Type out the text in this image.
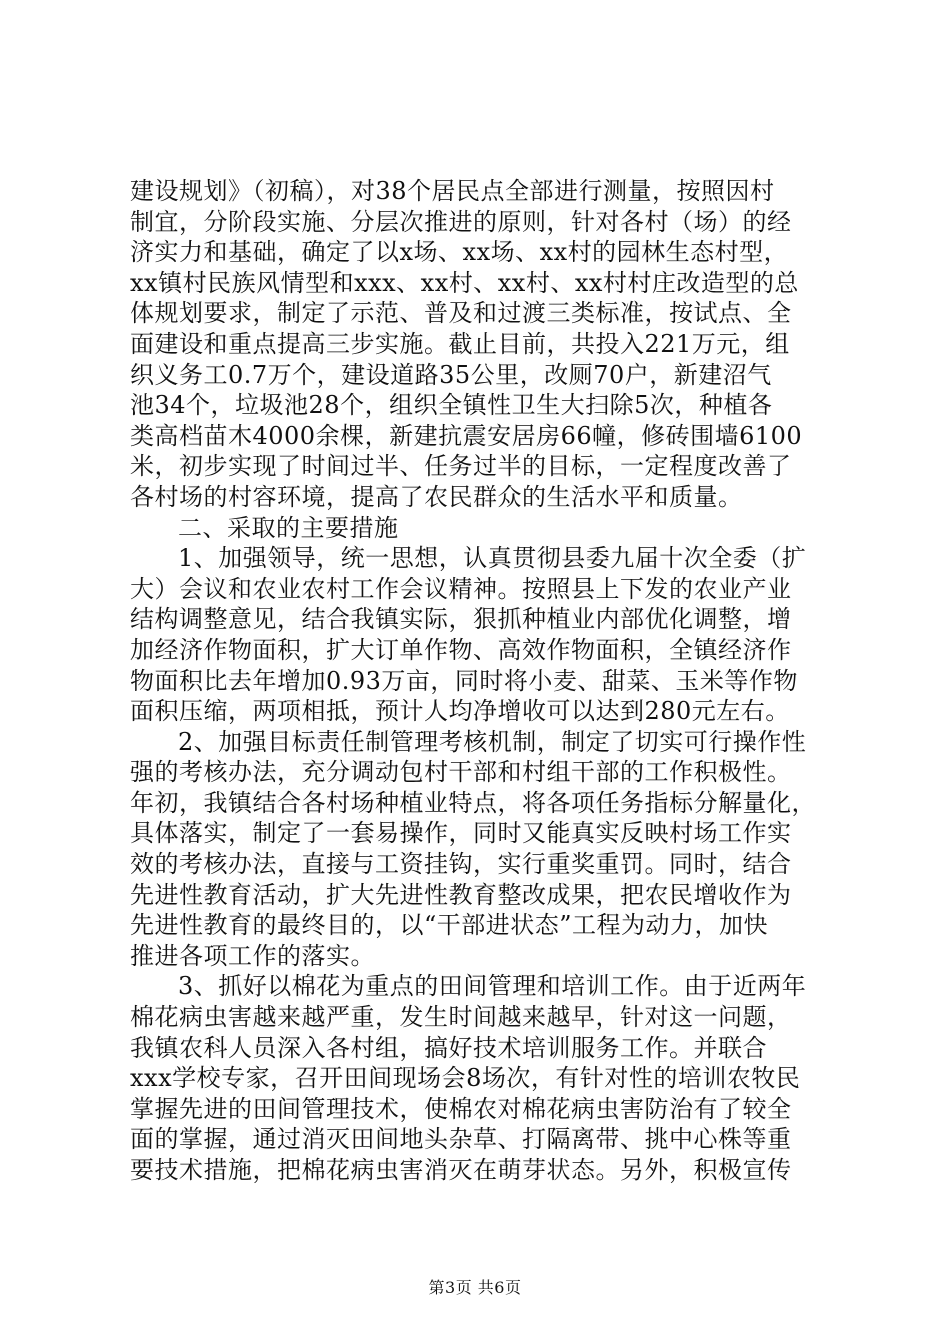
建设规划》（初稿），对38个居民点全部进行测量，按照因村
制宜，分阶段实施、分层次推进的原则，针对各村（场）的经
济实力和基础，确定了以x场、xx场、xx村的园林生态村型，
xx镇村民族风情型和xxx、xx村、xx村、xx村村庄改造型的总
体规划要求，制定了示范、普及和过渡三类标准，按试点、全
面建设和重点提高三步实施。截止目前，共投入221万元，组
织义务工0.7万个，建设道路35公里，改厕70户，新建沼气
池34个，垃圾池28个，组织全镇性卫生大扫除5次，种植各
类高档苗木4000余棵，新建抗震安居房66幢，修砖围墙6100
米，初步实现了时间过半、任务过半的目标，一定程度改善了
各村场的村容环境，提高了农民群众的生活水平和质量。
二、采取的主要措施
1、加强领导，统一思想，认真贯彻县委九届十次全委（扩
大）会议和农业农村工作会议精神。按照县上下发的农业产业
结构调整意见，结合我镇实际，狠抓种植业内部优化调整，增
加经济作物面积，扩大订单作物、高效作物面积，全镇经济作
物面积比去年增加0.93万亩，同时将小麦、甜菜、玉米等作物
面积压缩，两项相抵，预计人均净增收可以达到280元左右。
2、加强目标责任制管理考核机制，制定了切实可行操作性
强的考核办法，充分调动包村干部和村组干部的工作积极性。
年初，我镇结合各村场种植业特点，将各项任务指标分解量化，
具体落实，制定了一套易操作，同时又能真实反映村场工作实
效的考核办法，直接与工资挂钩，实行重奖重罚。同时，结合
先进性教育活动，扩大先进性教育整改成果，把农民增收作为
先进性教育的最终目的，以“干部进状态”工程为动力，加快
推进各项工作的落实。
3、抓好以棉花为重点的田间管理和培训工作。由于近两年
棉花病虫害越来越严重，发生时间越来越早，针对这一问题，
我镇农科人员深入各村组，搞好技术培训服务工作。并联合
xxx学校专家，召开田间现场会8场次，有针对性的培训农牧民
掌握先进的田间管理技术，使棉农对棉花病虫害防治有了较全
面的掌握，通过消灭田间地头杂草、打隔离带、挑中心株等重
要技术措施，把棉花病虫害消灭在萌芽状态。另外，积极宣传
第3页 共6页
